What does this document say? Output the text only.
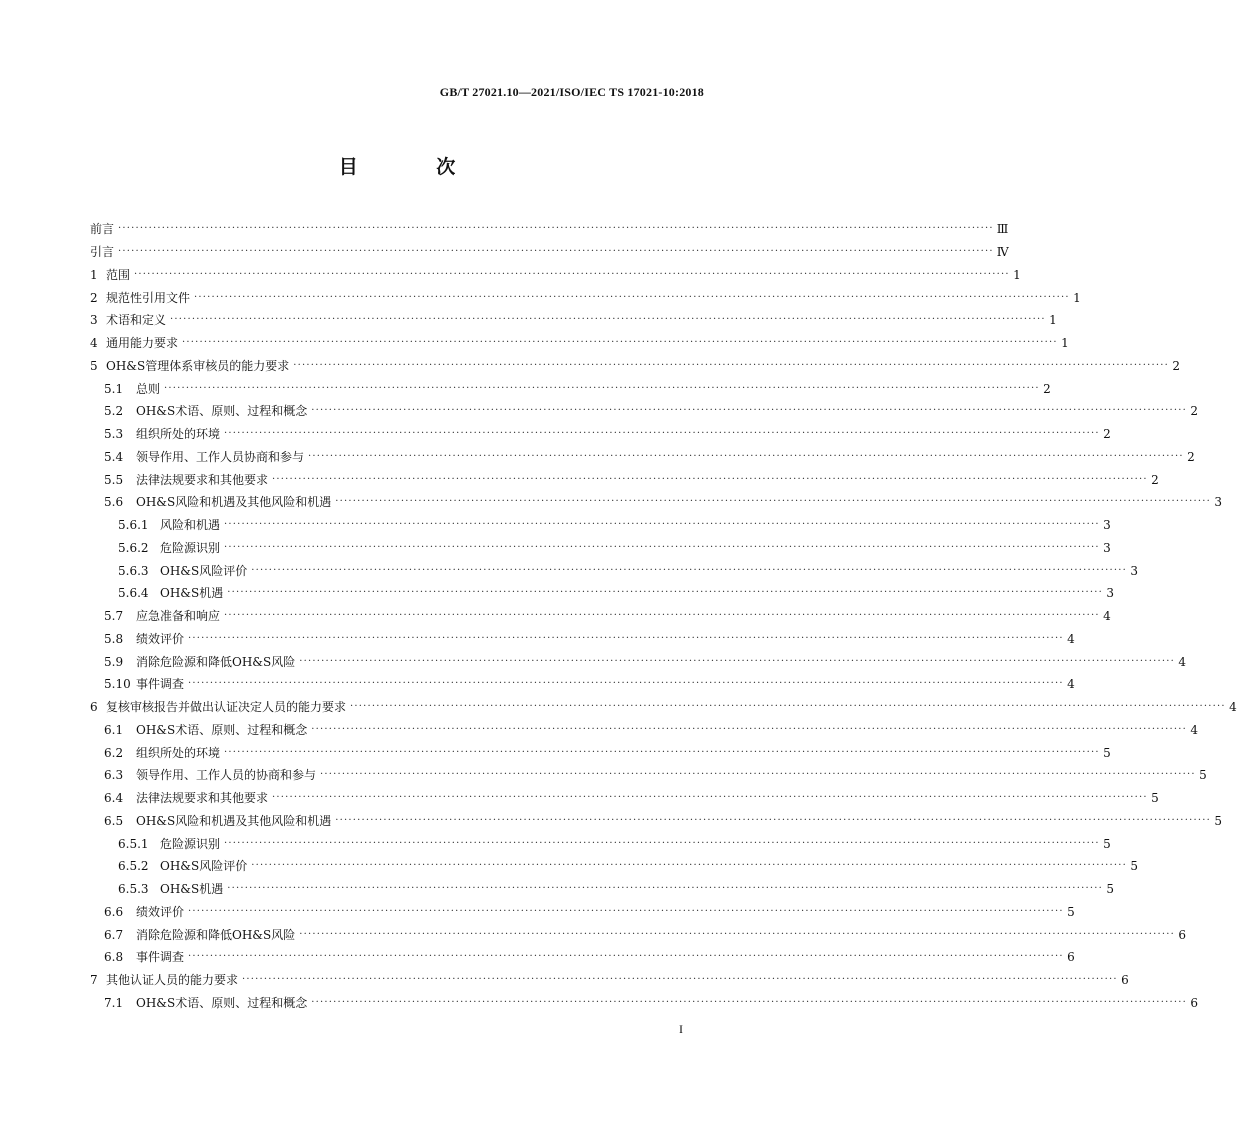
GB/T 27021.10—2021/ISO/IEC TS 17021-10:2018
目 次
前言 ········································································································································································································ Ⅲ
引言 ········································································································································································································ Ⅳ
1 范围 ········································································································································································································ 1
2 规范性引用文件 ········································································································································································································ 1
3 术语和定义 ········································································································································································································ 1
4 通用能力要求 ········································································································································································································ 1
5 OH&S管理体系审核员的能力要求 ········································································································································································································ 2
5.1	总则 ········································································································································································································ 2
5.2	OH&S术语、原则、过程和概念 ········································································································································································································ 2
5.3	组织所处的环境 ········································································································································································································ 2
5.4	领导作用、工作人员协商和参与 ········································································································································································································ 2
5.5	法律法规要求和其他要求 ········································································································································································································ 2
5.6	OH&S风险和机遇及其他风险和机遇 ········································································································································································································ 3
5.6.1 风险和机遇 ········································································································································································································ 3
5.6.2 危险源识别 ········································································································································································································ 3
5.6.3 OH&S风险评价 ········································································································································································································ 3
5.6.4 OH&S机遇 ········································································································································································································ 3
5.7	应急准备和响应 ········································································································································································································ 4
5.8	绩效评价 ········································································································································································································ 4
5.9	消除危险源和降低OH&S风险 ········································································································································································································ 4
5.10 事件调查 ········································································································································································································ 4
6 复核审核报告并做出认证决定人员的能力要求 ········································································································································································································ 4
6.1	OH&S术语、原则、过程和概念 ········································································································································································································ 4
6.2	组织所处的环境 ········································································································································································································ 5
6.3	领导作用、工作人员的协商和参与 ········································································································································································································ 5
6.4	法律法规要求和其他要求 ········································································································································································································ 5
6.5	OH&S风险和机遇及其他风险和机遇 ········································································································································································································ 5
6.5.1 危险源识别 ········································································································································································································ 5
6.5.2 OH&S风险评价 ········································································································································································································ 5
6.5.3 OH&S机遇 ········································································································································································································ 5
6.6	绩效评价 ········································································································································································································ 5
6.7	消除危险源和降低OH&S风险 ········································································································································································································ 6
6.8	事件调查 ········································································································································································································ 6
7 其他认证人员的能力要求 ········································································································································································································ 6
7.1	OH&S术语、原则、过程和概念 ········································································································································································································ 6
I
